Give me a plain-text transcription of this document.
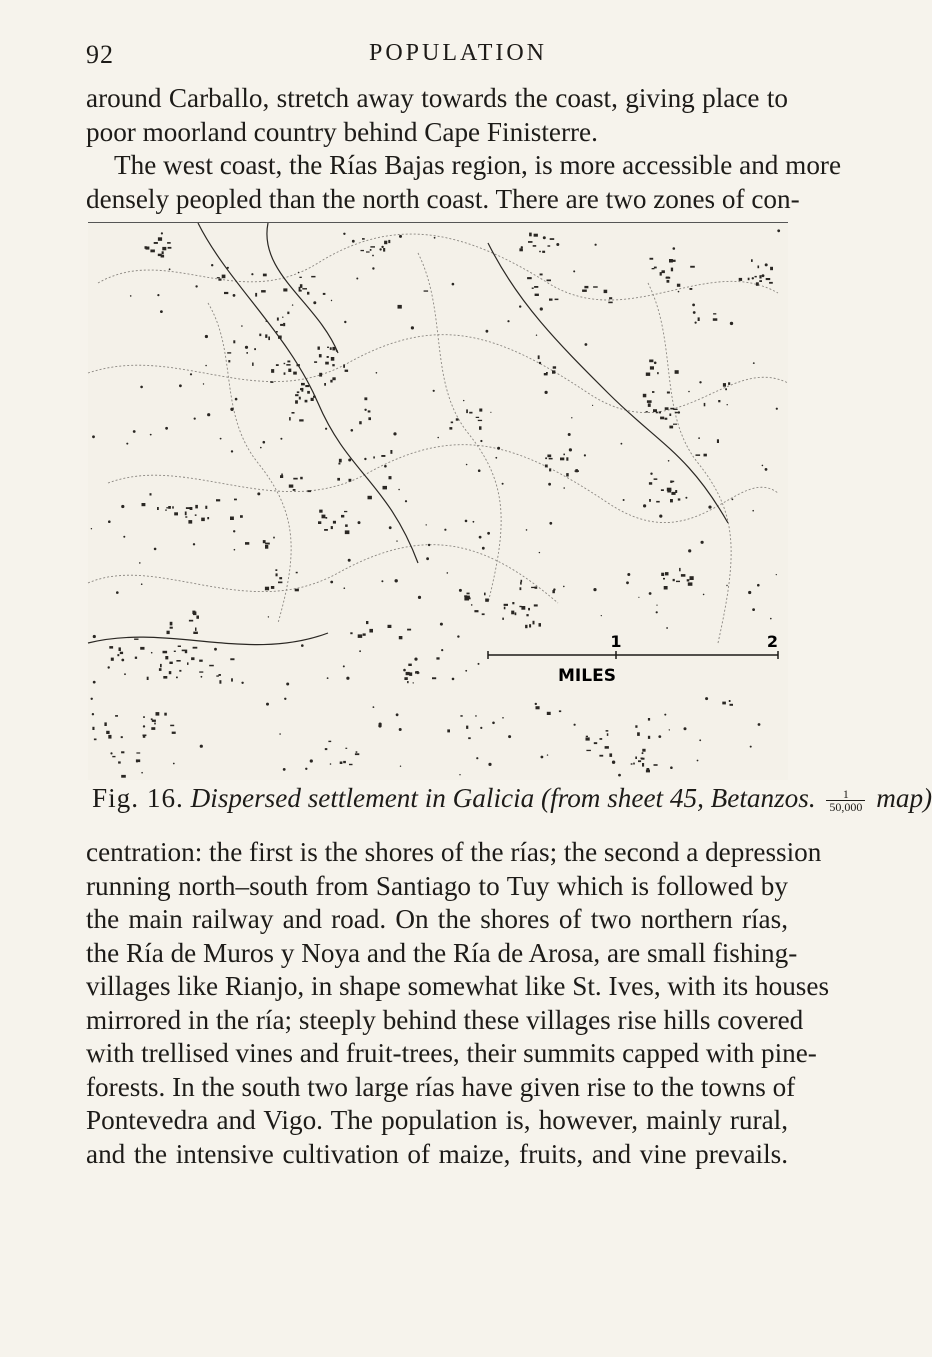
92	POPULATION

around Carballo, stretch away towards the coast, giving place to
poor moorland country behind Cape Finisterre.
The west coast, the Rías Bajas region, is more accessible and more
densely peopled than the north coast. There are two zones of con-

1	2
MILES
Fig. 16. Dispersed settlement in Galicia (from sheet 45, Betanzos. $\frac{1}{50,000} map$)

centration: the first is the shores of the rías; the second a depression
running north–south from Santiago to Tuy which is followed by
the main railway and road. On the shores of two northern rías,
the Ría de Muros y Noya and the Ría de Arosa, are small fishing-
villages like Rianjo, in shape somewhat like St. Ives, with its houses
mirrored in the ría; steeply behind these villages rise hills covered
with trellised vines and fruit-trees, their summits capped with pine-
forests. In the south two large rías have given rise to the towns of
Pontevedra and Vigo. The population is, however, mainly rural,
and the intensive cultivation of maize, fruits, and vine prevails.
